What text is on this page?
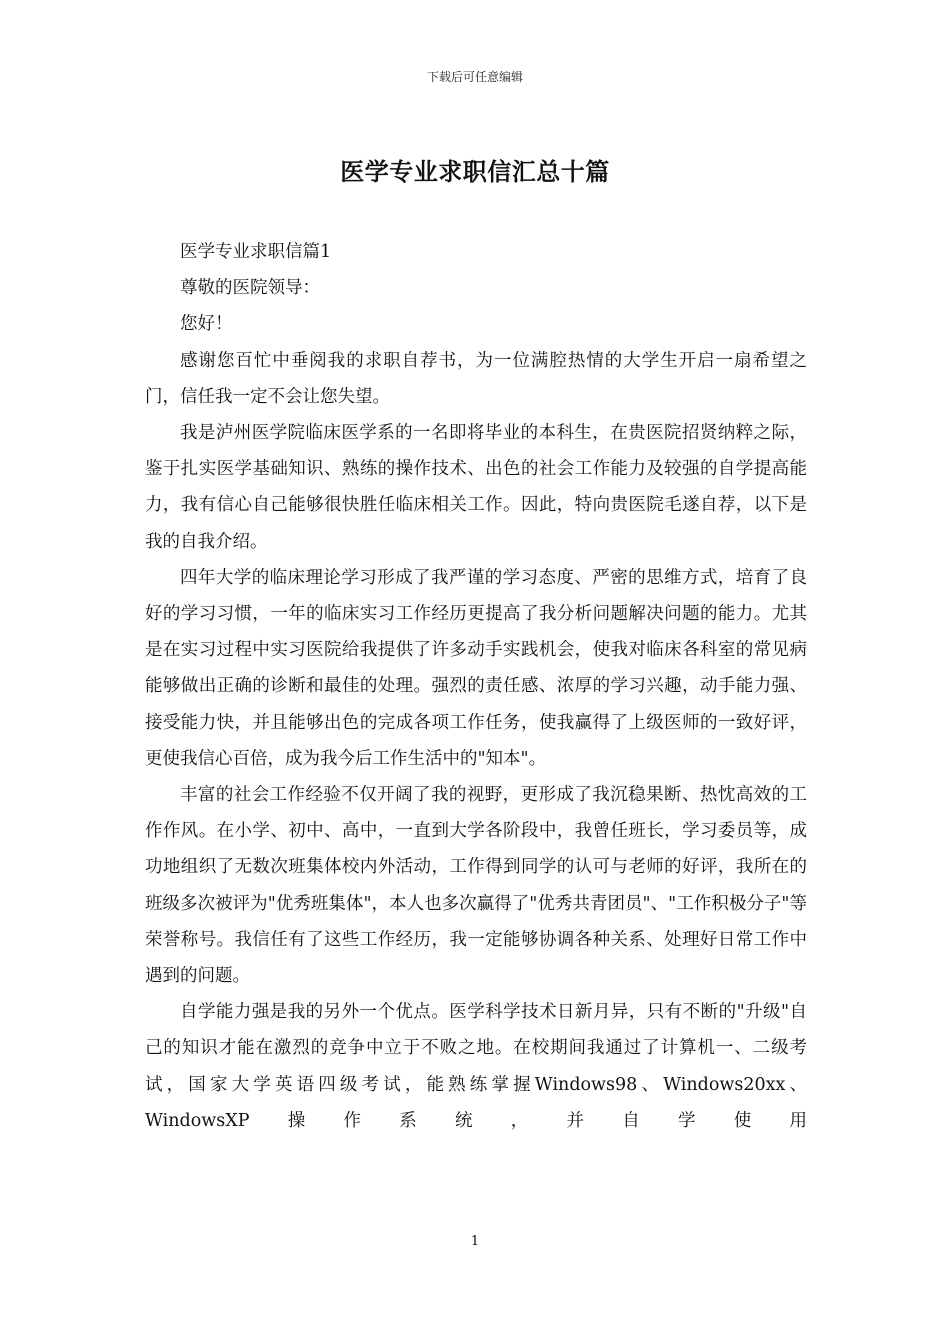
下载后可任意编辑
医学专业求职信汇总十篇

医学专业求职信篇1

尊敬的医院领导：

您好！

感谢您百忙中垂阅我的求职自荐书，为一位满腔热情的大学生开启一扇希望之门，信任我一定不会让您失望。

我是泸州医学院临床医学系的一名即将毕业的本科生，在贵医院招贤纳粹之际，鉴于扎实医学基础知识、熟练的操作技术、出色的社会工作能力及较强的自学提高能力，我有信心自己能够很快胜任临床相关工作。因此，特向贵医院毛遂自荐，以下是我的自我介绍。

四年大学的临床理论学习形成了我严谨的学习态度、严密的思维方式，培育了良好的学习习惯，一年的临床实习工作经历更提高了我分析问题解决问题的能力。尤其是在实习过程中实习医院给我提供了许多动手实践机会，使我对临床各科室的常见病能够做出正确的诊断和最佳的处理。强烈的责任感、浓厚的学习兴趣，动手能力强、接受能力快，并且能够出色的完成各项工作任务，使我赢得了上级医师的一致好评，更使我信心百倍，成为我今后工作生活中的"知本"。

丰富的社会工作经验不仅开阔了我的视野，更形成了我沉稳果断、热忱高效的工作作风。在小学、初中、高中，一直到大学各阶段中，我曾任班长，学习委员等，成功地组织了无数次班集体校内外活动，工作得到同学的认可与老师的好评，我所在的班级多次被评为"优秀班集体"，本人也多次赢得了"优秀共青团员"、"工作积极分子"等荣誉称号。我信任有了这些工作经历，我一定能够协调各种关系、处理好日常工作中遇到的问题。

自学能力强是我的另外一个优点。医学科学技术日新月异，只有不断的"升级"自己的知识才能在激烈的竞争中立于不败之地。在校期间我通过了计算机一、二级考试，国家大学英语四级考试，能熟练掌握Windows98、Windows20xx、WindowsXP操作系统，并自学使用

1
